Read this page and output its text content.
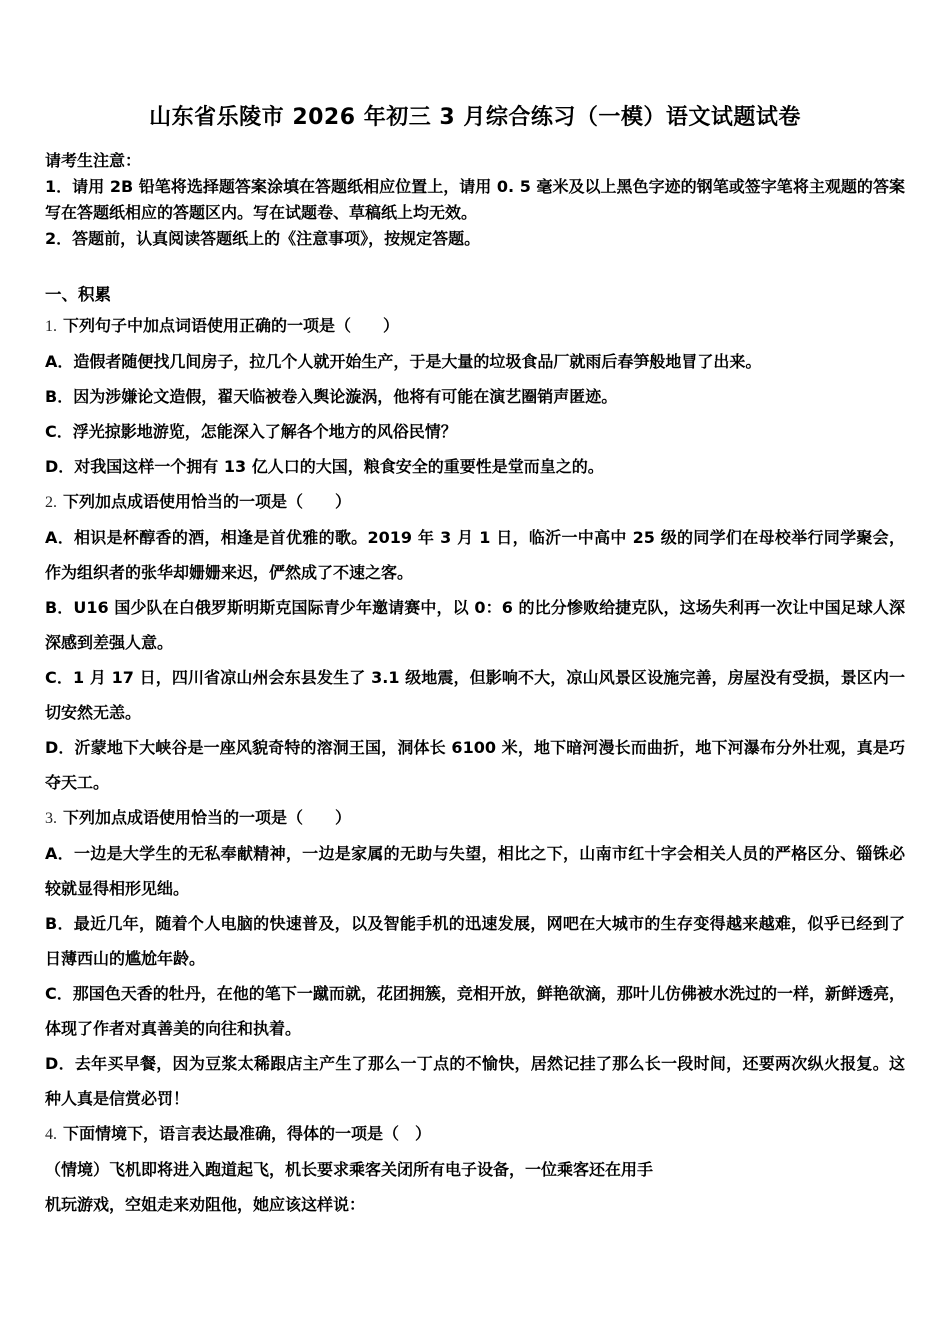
山东省乐陵市 2026 年初三 3 月综合练习（一模）语文试题试卷

请考生注意：

1．请用 2B 铅笔将选择题答案涂填在答题纸相应位置上，请用 0. 5 毫米及以上黑色字迹的钢笔或签字笔将主观题的答案写在答题纸相应的答题区内。写在试题卷、草稿纸上均无效。

2．答题前，认真阅读答题纸上的《注意事项》，按规定答题。

一、积累

1. 下列句子中加点词语使用正确的一项是（　　）

A．造假者随便找几间房子，拉几个人就开始生产，于是大量的垃圾食品厂就雨后春笋般地冒了出来。

B．因为涉嫌论文造假，翟天临被卷入舆论漩涡，他将有可能在演艺圈销声匿迹。

C．浮光掠影地游览，怎能深入了解各个地方的风俗民情？

D．对我国这样一个拥有 13 亿人口的大国，粮食安全的重要性是堂而皇之的。

2. 下列加点成语使用恰当的一项是（　　）

A．相识是杯醇香的酒，相逢是首优雅的歌。2019 年 3 月 1 日，临沂一中高中 25 级的同学们在母校举行同学聚会，作为组织者的张华却姗姗来迟，俨然成了不速之客。

B．U16 国少队在白俄罗斯明斯克国际青少年邀请赛中，以 0：6 的比分惨败给捷克队，这场失利再一次让中国足球人深深感到差强人意。

C．1 月 17 日，四川省凉山州会东县发生了 3.1 级地震，但影响不大，凉山风景区设施完善，房屋没有受损，景区内一切安然无恙。

D．沂蒙地下大峡谷是一座风貌奇特的溶洞王国，洞体长 6100 米，地下暗河漫长而曲折，地下河瀑布分外壮观，真是巧夺天工。

3. 下列加点成语使用恰当的一项是（　　）

A．一边是大学生的无私奉献精神，一边是家属的无助与失望，相比之下，山南市红十字会相关人员的严格区分、锱铢必较就显得相形见绌。

B．最近几年，随着个人电脑的快速普及，以及智能手机的迅速发展，网吧在大城市的生存变得越来越难，似乎已经到了日薄西山的尴尬年龄。

C．那国色天香的牡丹，在他的笔下一蹴而就，花团拥簇，竞相开放，鲜艳欲滴，那叶儿仿佛被水洗过的一样，新鲜透亮，体现了作者对真善美的向往和执着。

D．去年买早餐，因为豆浆太稀跟店主产生了那么一丁点的不愉快，居然记挂了那么长一段时间，还要两次纵火报复。这种人真是信赏必罚！

4. 下面情境下，语言表达最准确，得体的一项是（　）

（情境）飞机即将进入跑道起飞，机长要求乘客关闭所有电子设备，一位乘客还在用手

机玩游戏，空姐走来劝阻他，她应该这样说：
